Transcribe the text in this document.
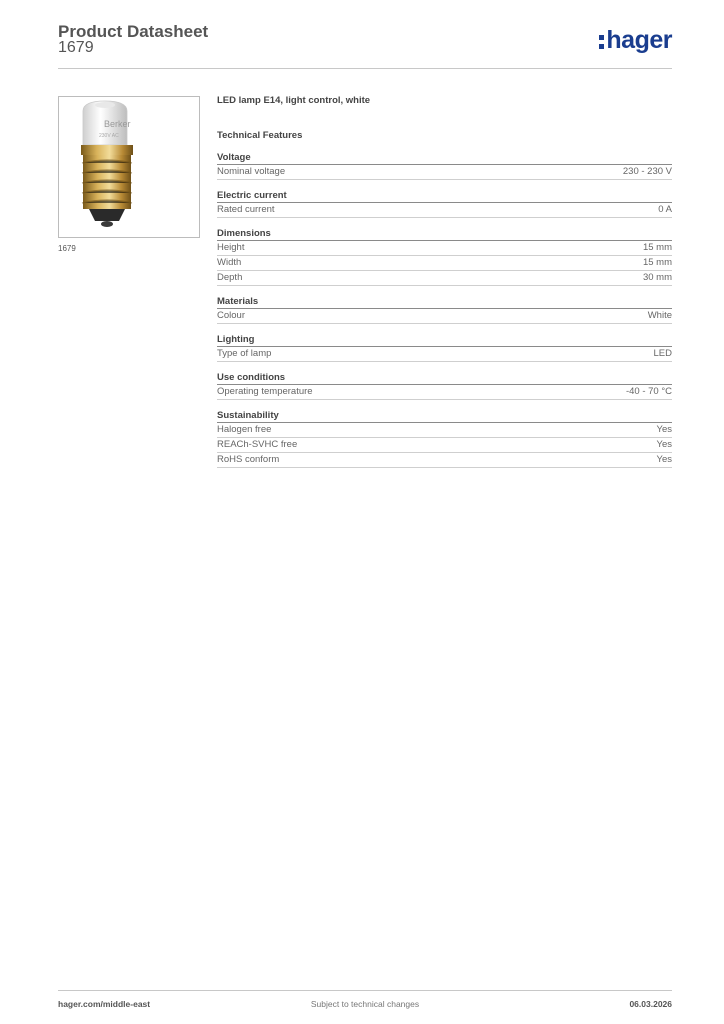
Product Datasheet
1679	hager
Berker
230V AC
1679
LED lamp E14, light control, white
Technical Features
Voltage
Nominal voltage	230 - 230 V
Electric current
Rated current	0 A
Dimensions
Height	15 mm
Width	15 mm
Depth	30 mm
Materials
Colour	White
Lighting
Type of lamp	LED
Use conditions
Operating temperature	-40 - 70 °C
Sustainability
Halogen free	Yes
REACh-SVHC free	Yes
RoHS conform	Yes
hager.com/middle-east	Subject to technical changes	06.03.2026
